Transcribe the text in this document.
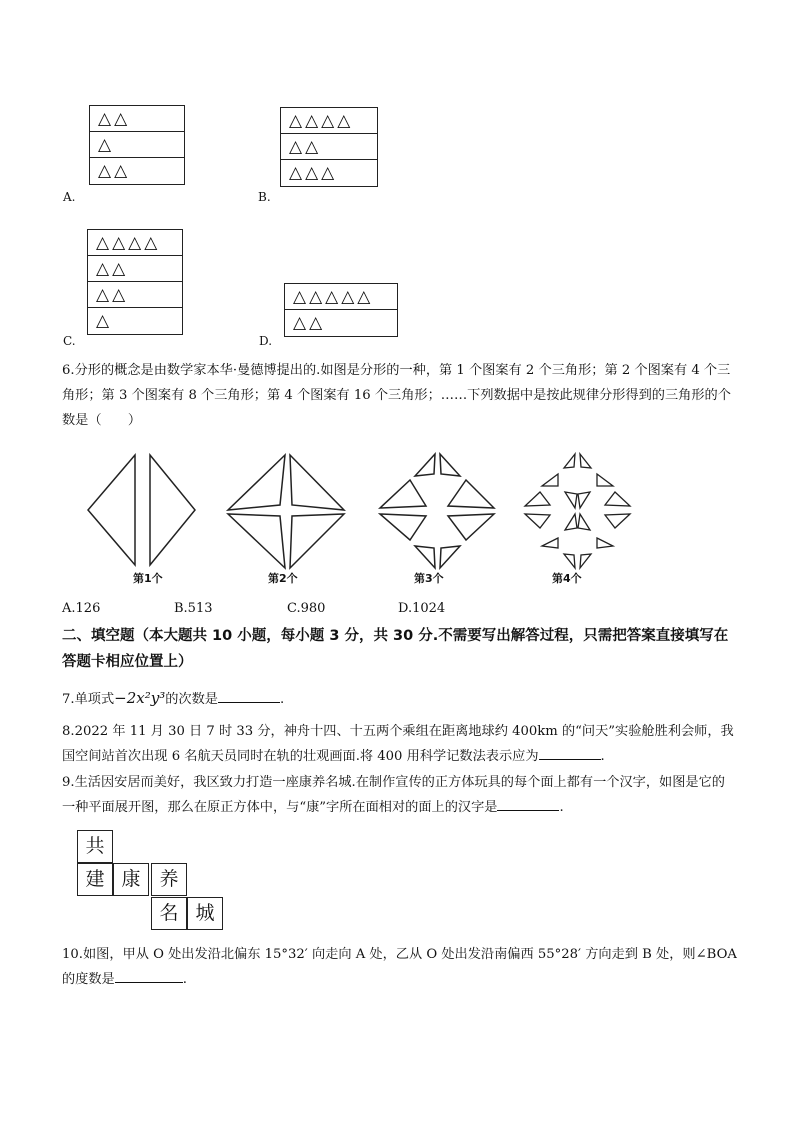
△△
△
△△
A.
△△△△
△△
△△△
B.
△△△△
△△
△△
△
C.
△△△△△
△△
D.
6.分形的概念是由数学家本华·曼德博提出的.如图是分形的一种，第 1 个图案有 2 个三角形；第 2 个图案有 4 个三角形；第 3 个图案有 8 个三角形；第 4 个图案有 16 个三角形；……下列数据中是按此规律分形得到的三角形的个数是（　　）
第1个	第2个	第3个	第4个
A.126	B.513	C.980	D.1024
二、填空题（本大题共 10 小题，每小题 3 分，共 30 分.不需要写出解答过程，只需把答案直接填写在答题卡相应位置上）
7.单项式−2x²y³的次数是	.
8.2022 年 11 月 30 日 7 时 33 分，神舟十四、十五两个乘组在距离地球约 400km 的“问天”实验舱胜利会师，我国空间站首次出现 6 名航天员同时在轨的壮观画面.将 400 用科学记数法表示应为	.
9.生活因安居而美好，我区致力打造一座康养名城.在制作宣传的正方体玩具的每个面上都有一个汉字，如图是它的一种平面展开图，那么在原正方体中，与“康”字所在面相对的面上的汉字是	.
共
建 康 养
名 城
10.如图，甲从 O 处出发沿北偏东 15°32′ 向走向 A 处，乙从 O 处出发沿南偏西 55°28′ 方向走到 B 处，则∠BOA 的度数是	.
